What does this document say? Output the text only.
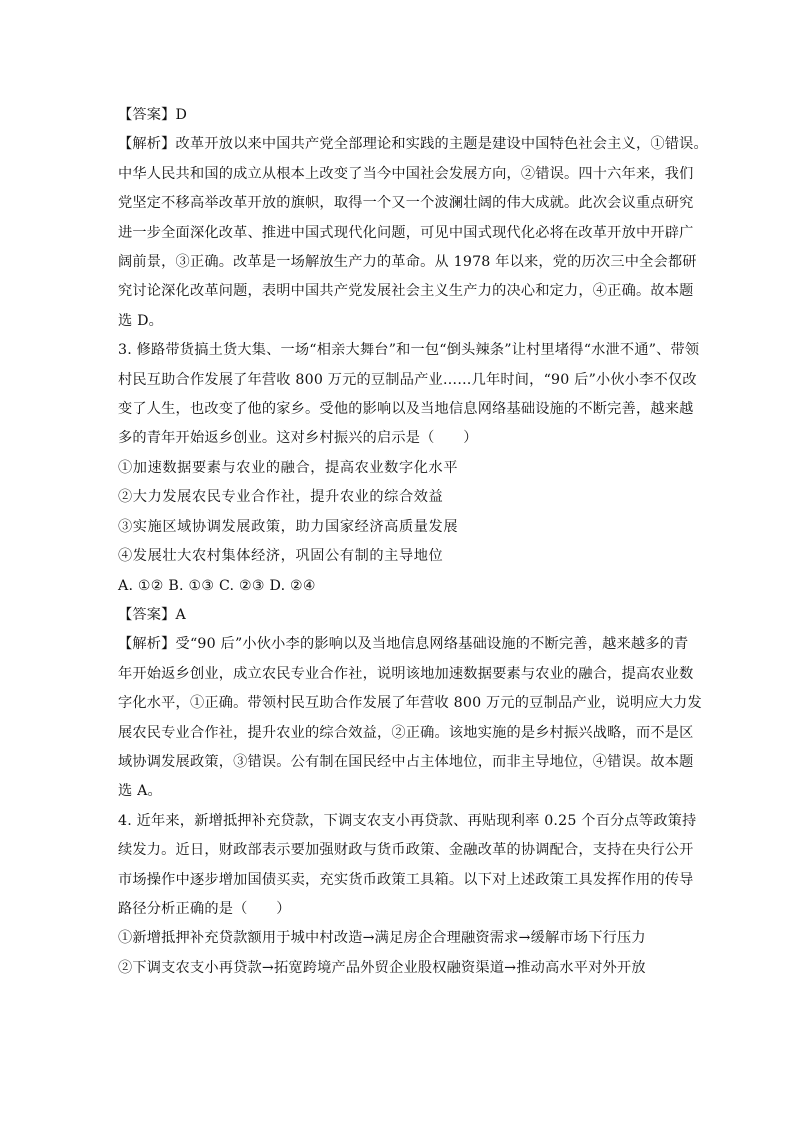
【答案】D
【解析】改革开放以来中国共产党全部理论和实践的主题是建设中国特色社会主义，①错误。
中华人民共和国的成立从根本上改变了当今中国社会发展方向，②错误。四十六年来，我们
党坚定不移高举改革开放的旗帜，取得一个又一个波澜壮阔的伟大成就。此次会议重点研究
进一步全面深化改革、推进中国式现代化问题，可见中国式现代化必将在改革开放中开辟广
阔前景，③正确。改革是一场解放生产力的革命。从 1978 年以来，党的历次三中全会都研
究讨论深化改革问题，表明中国共产党发展社会主义生产力的决心和定力，④正确。故本题
选 D。
3. 修路带货搞土货大集、一场“相亲大舞台”和一包“倒头辣条”让村里堵得“水泄不通”、带领
村民互助合作发展了年营收 800 万元的豆制品产业……几年时间，“90 后”小伙小李不仅改
变了人生，也改变了他的家乡。受他的影响以及当地信息网络基础设施的不断完善，越来越
多的青年开始返乡创业。这对乡村振兴的启示是（　　）
①加速数据要素与农业的融合，提高农业数字化水平
②大力发展农民专业合作社，提升农业的综合效益
③实施区域协调发展政策，助力国家经济高质量发展
④发展壮大农村集体经济，巩固公有制的主导地位
A. ①② B. ①③ C. ②③ D. ②④
【答案】A
【解析】受“90 后”小伙小李的影响以及当地信息网络基础设施的不断完善，越来越多的青
年开始返乡创业，成立农民专业合作社，说明该地加速数据要素与农业的融合，提高农业数
字化水平，①正确。带领村民互助合作发展了年营收 800 万元的豆制品产业，说明应大力发
展农民专业合作社，提升农业的综合效益，②正确。该地实施的是乡村振兴战略，而不是区
域协调发展政策，③错误。公有制在国民经中占主体地位，而非主导地位，④错误。故本题
选 A。
4. 近年来，新增抵押补充贷款，下调支农支小再贷款、再贴现利率 0.25 个百分点等政策持
续发力。近日，财政部表示要加强财政与货币政策、金融改革的协调配合，支持在央行公开
市场操作中逐步增加国债买卖，充实货币政策工具箱。以下对上述政策工具发挥作用的传导
路径分析正确的是（　　）
①新增抵押补充贷款额用于城中村改造→满足房企合理融资需求→缓解市场下行压力
②下调支农支小再贷款→拓宽跨境产品外贸企业股权融资渠道→推动高水平对外开放
